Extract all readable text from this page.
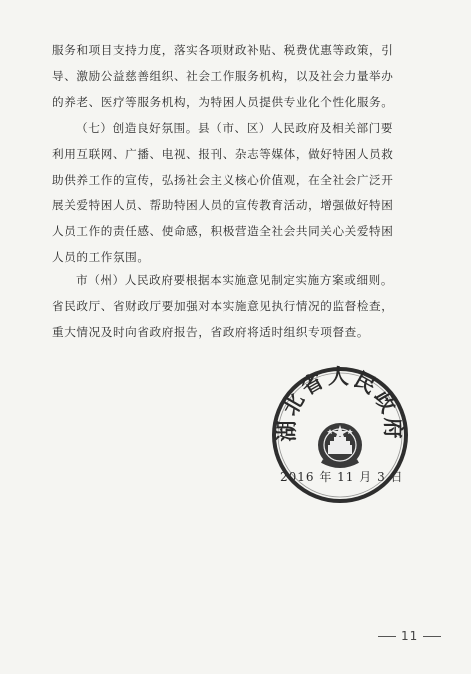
服务和项目支持力度，落实各项财政补贴、税费优惠等政策，引
导、激励公益慈善组织、社会工作服务机构，以及社会力量举办
的养老、医疗等服务机构，为特困人员提供专业化个性化服务。

（七）创造良好氛围。县（市、区）人民政府及相关部门要
利用互联网、广播、电视、报刊、杂志等媒体，做好特困人员救
助供养工作的宣传，弘扬社会主义核心价值观，在全社会广泛开
展关爱特困人员、帮助特困人员的宣传教育活动，增强做好特困
人员工作的责任感、使命感，积极营造全社会共同关心关爱特困
人员的工作氛围。

市（州）人民政府要根据本实施意见制定实施方案或细则。
省民政厅、省财政厅要加强对本实施意见执行情况的监督检查，
重大情况及时向省政府报告，省政府将适时组织专项督查。

湖北省人民政府
2016 年 11 月 3 日
11
